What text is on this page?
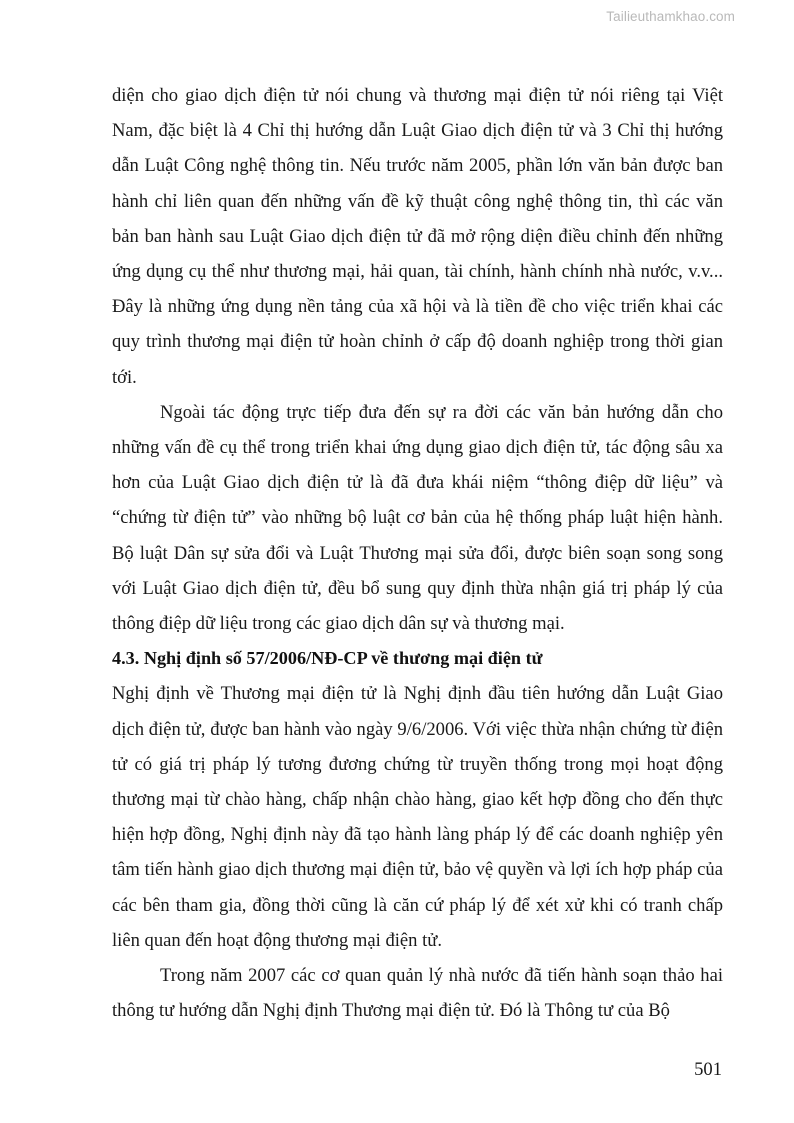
Tailieuthamkhao.com

diện cho giao dịch điện tử nói chung và thương mại điện tử nói riêng tại Việt Nam, đặc biệt là 4 Chỉ thị hướng dẫn Luật Giao dịch điện tử và 3 Chỉ thị hướng dẫn Luật Công nghệ thông tin. Nếu trước năm 2005, phần lớn văn bản được ban hành chỉ liên quan đến những vấn đề kỹ thuật công nghệ thông tin, thì các văn bản ban hành sau Luật Giao dịch điện tử đã mở rộng diện điều chỉnh đến những ứng dụng cụ thể như thương mại, hải quan, tài chính, hành chính nhà nước, v.v... Đây là những ứng dụng nền tảng của xã hội và là tiền đề cho việc triển khai các quy trình thương mại điện tử hoàn chỉnh ở cấp độ doanh nghiệp trong thời gian tới.

Ngoài tác động trực tiếp đưa đến sự ra đời các văn bản hướng dẫn cho những vấn đề cụ thể trong triển khai ứng dụng giao dịch điện tử, tác động sâu xa hơn của Luật Giao dịch điện tử là đã đưa khái niệm “thông điệp dữ liệu” và “chứng từ điện tử” vào những bộ luật cơ bản của hệ thống pháp luật hiện hành. Bộ luật Dân sự sửa đổi và Luật Thương mại sửa đổi, được biên soạn song song với Luật Giao dịch điện tử, đều bổ sung quy định thừa nhận giá trị pháp lý của thông điệp dữ liệu trong các giao dịch dân sự và thương mại.

4.3. Nghị định số 57/2006/NĐ-CP về thương mại điện tử

Nghị định về Thương mại điện tử là Nghị định đầu tiên hướng dẫn Luật Giao dịch điện tử, được ban hành vào ngày 9/6/2006. Với việc thừa nhận chứng từ điện tử có giá trị pháp lý tương đương chứng từ truyền thống trong mọi hoạt động thương mại từ chào hàng, chấp nhận chào hàng, giao kết hợp đồng cho đến thực hiện hợp đồng, Nghị định này đã tạo hành làng pháp lý để các doanh nghiệp yên tâm tiến hành giao dịch thương mại điện tử, bảo vệ quyền và lợi ích hợp pháp của các bên tham gia, đồng thời cũng là căn cứ pháp lý để xét xử khi có tranh chấp liên quan đến hoạt động thương mại điện tử.

Trong năm 2007 các cơ quan quản lý nhà nước đã tiến hành soạn thảo hai thông tư hướng dẫn Nghị định Thương mại điện tử. Đó là Thông tư của Bộ

501
